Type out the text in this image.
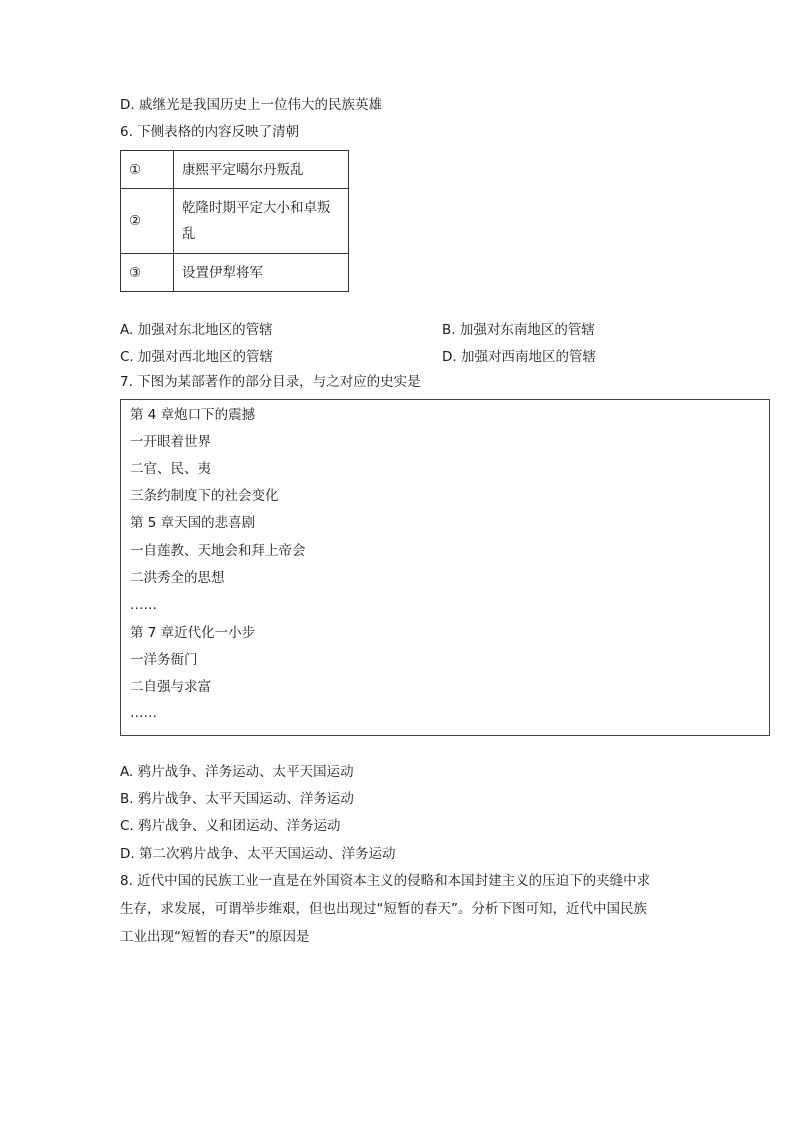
D. 戚继光是我国历史上一位伟大的民族英雄
6. 下侧表格的内容反映了清朝
①	康熙平定噶尔丹叛乱
②	乾隆时期平定大小和卓叛乱

③	设置伊犁将军
A. 加强对东北地区的管辖	B. 加强对东南地区的管辖
C. 加强对西北地区的管辖	D. 加强对西南地区的管辖
7. 下图为某部著作的部分目录，与之对应的史实是
第 4 章炮口下的震撼
一开眼着世界
二官、民、夷
三条约制度下的社会变化
第 5 章天国的悲喜剧
一自莲教、天地会和拜上帝会
二洪秀全的思想
……
第 7 章近代化一小步
一洋务衙门
二自强与求富
……
A. 鸦片战争、洋务运动、太平天国运动
B. 鸦片战争、太平天国运动、洋务运动
C. 鸦片战争、义和团运动、洋务运动
D. 第二次鸦片战争、太平天国运动、洋务运动
8. 近代中国的民族工业一直是在外国资本主义的侵略和本国封建主义的压迫下的夹缝中求
生存，求发展，可谓举步维艰，但也出现过“短暂的春天”。分析下图可知，近代中国民族
工业出现“短暂的春天”的原因是
